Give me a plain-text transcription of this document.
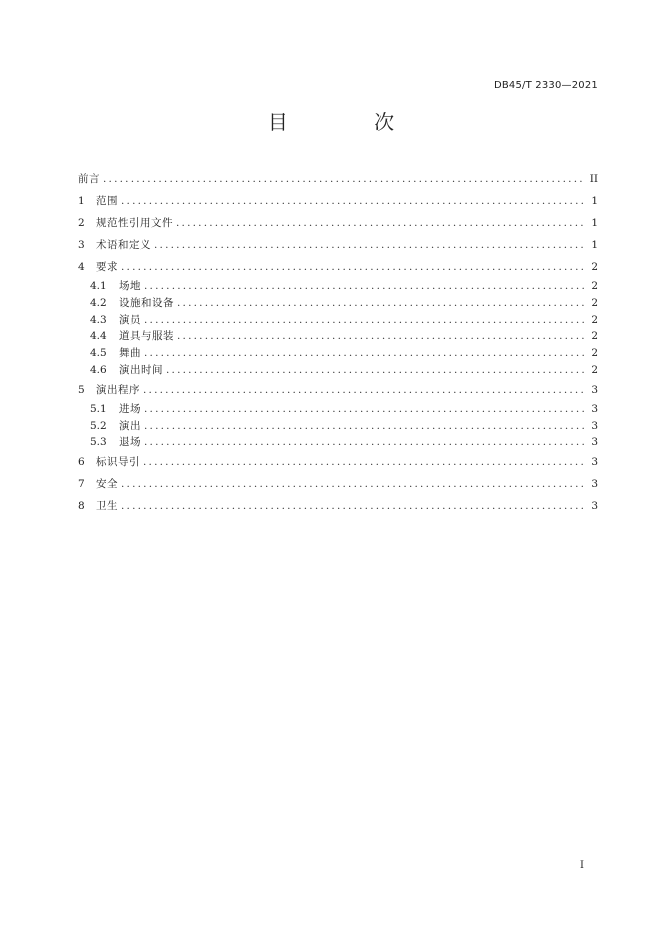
DB45/T 2330—2021
目 次
前言 .....	II
1	范围 .....	1
2	规范性引用文件 .....	1
3	术语和定义 .....	1
4	要求 .....	2
4.1	场地 .....	2
4.2	设施和设备 .....	2
4.3	演员 .....	2
4.4	道具与服装 .....	2
4.5	舞曲 .....	2
4.6	演出时间 .....	2
5	演出程序 .....	3
5.1	进场 .....	3
5.2	演出 .....	3
5.3	退场 .....	3
6	标识导引 .....	3
7	安全 .....	3
8	卫生 .....	3
I
